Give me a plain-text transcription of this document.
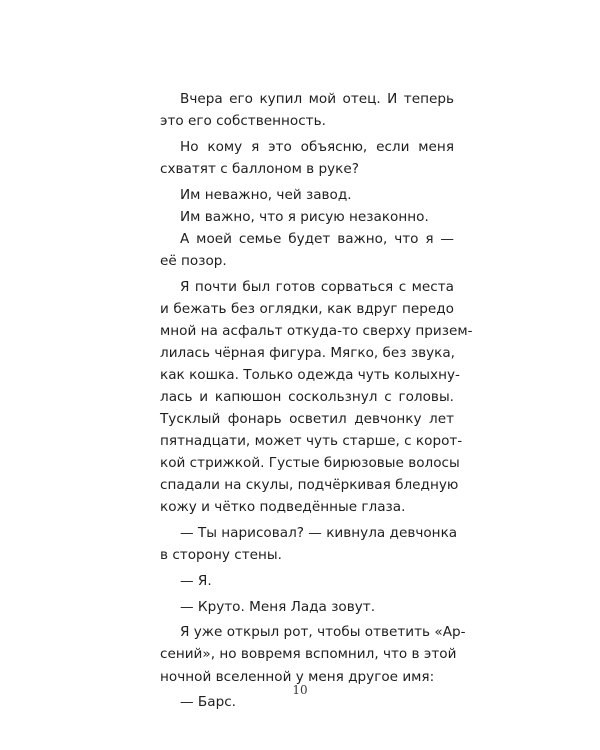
Вчера его купил мой отец. И теперь
это его собственность.
Но кому я это объясню, если меня
схватят с баллоном в руке?
Им неважно, чей завод.
Им важно, что я рисую незаконно.
А моей семье будет важно, что я —
её позор.
Я почти был готов сорваться с места
и бежать без оглядки, как вдруг передо
мной на асфальт откуда-то сверху призем-
лилась чёрная фигура. Мягко, без звука,
как кошка. Только одежда чуть колыхну-
лась и капюшон соскользнул с головы.
Тусклый фонарь осветил девчонку лет
пятнадцати, может чуть старше, с корот-
кой стрижкой. Густые бирюзовые волосы
спадали на скулы, подчёркивая бледную
кожу и чётко подведённые глаза.
— Ты нарисовал? — кивнула девчонка
в сторону стены.
— Я.
— Круто. Меня Лада зовут.
Я уже открыл рот, чтобы ответить «Ар-
сений», но вовремя вспомнил, что в этой
ночной вселенной у меня другое имя:
— Барс.
10
